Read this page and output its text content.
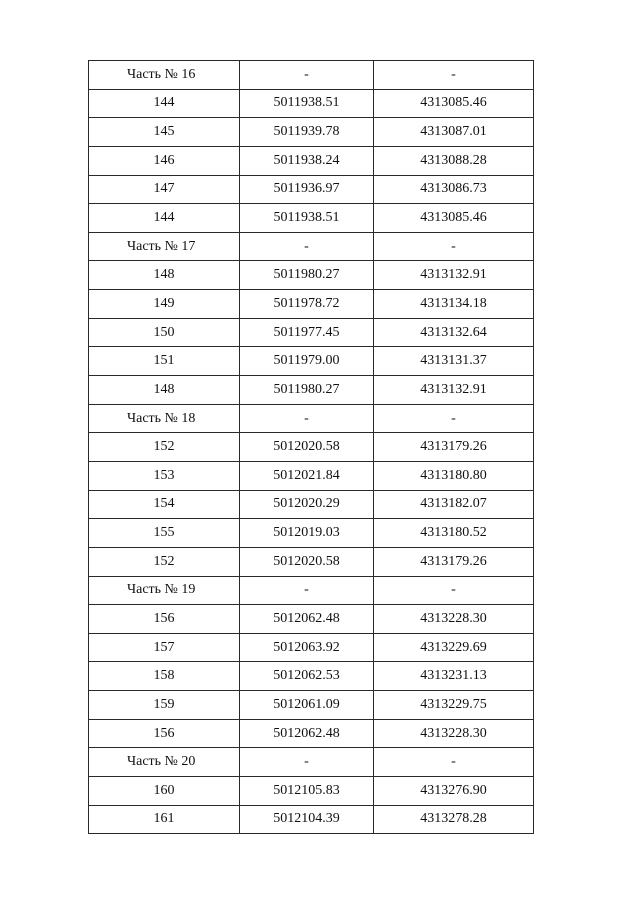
Часть № 16	-	-
144	5011938.51	4313085.46
145	5011939.78	4313087.01
146	5011938.24	4313088.28
147	5011936.97	4313086.73
144	5011938.51	4313085.46
Часть № 17	-	-
148	5011980.27	4313132.91
149	5011978.72	4313134.18
150	5011977.45	4313132.64
151	5011979.00	4313131.37
148	5011980.27	4313132.91
Часть № 18	-	-
152	5012020.58	4313179.26
153	5012021.84	4313180.80
154	5012020.29	4313182.07
155	5012019.03	4313180.52
152	5012020.58	4313179.26
Часть № 19	-	-
156	5012062.48	4313228.30
157	5012063.92	4313229.69
158	5012062.53	4313231.13
159	5012061.09	4313229.75
156	5012062.48	4313228.30
Часть № 20	-	-
160	5012105.83	4313276.90
161	5012104.39	4313278.28
